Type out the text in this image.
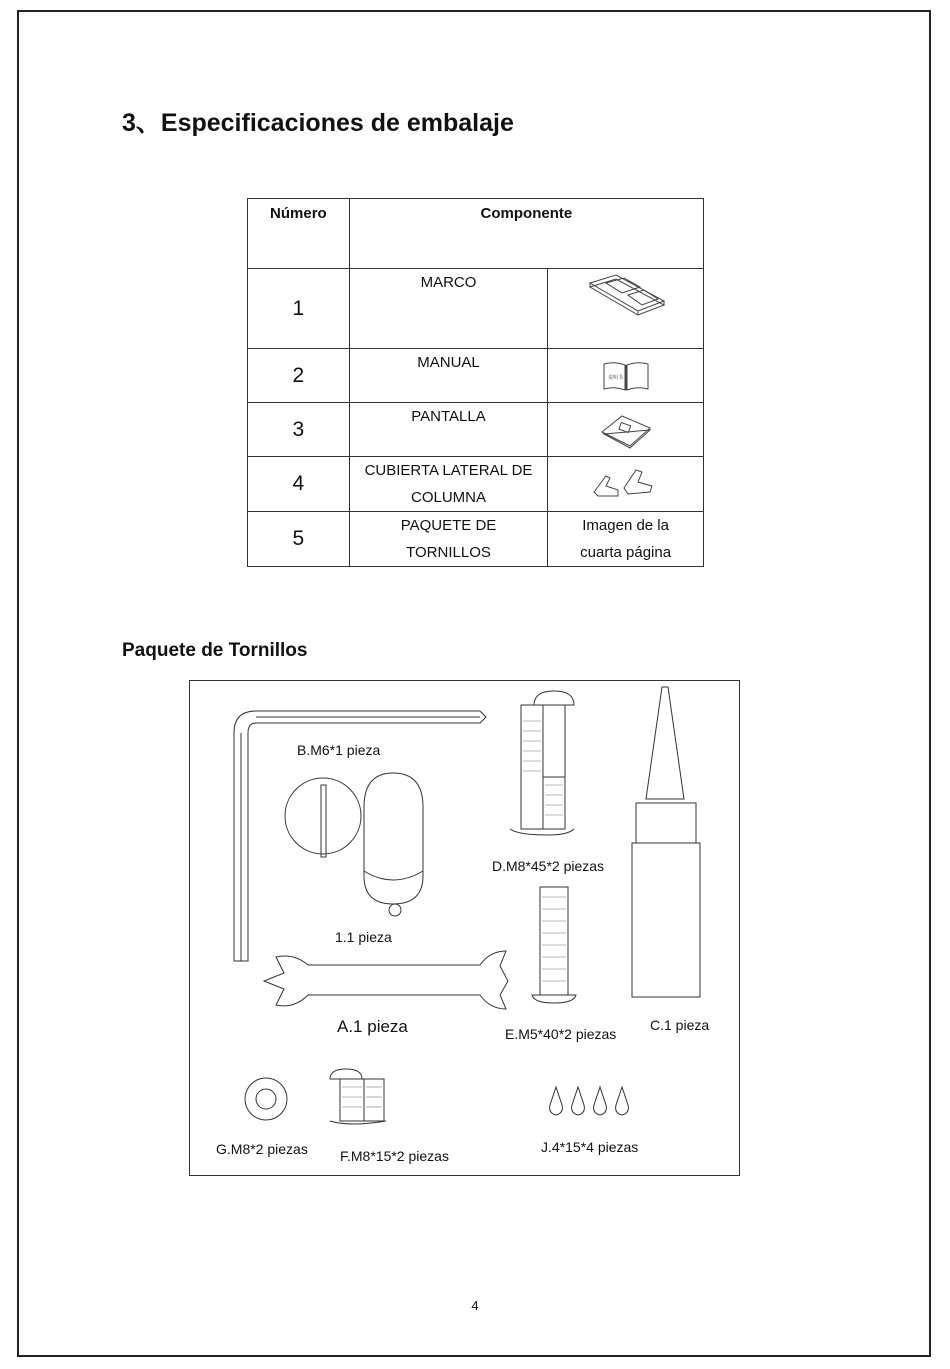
3、Especificaciones de embalaje
Número	Componente	
1	MARCO	

2	MANUAL	说明书

3	PANTALLA	

4	CUBIERTA LATERAL DE
COLUMNA	

5	PAQUETE DE
TORNILLOS	Imagen de la
cuarta página
Paquete de Tornillos
B.M6*1 pieza
D.M8*45*2 piezas
1.1 pieza
A.1 pieza	E.M5*40*2 piezas
C.1 pieza
G.M8*2 piezas F.M8*15*2 piezas
J.4*15*4 piezas
4
